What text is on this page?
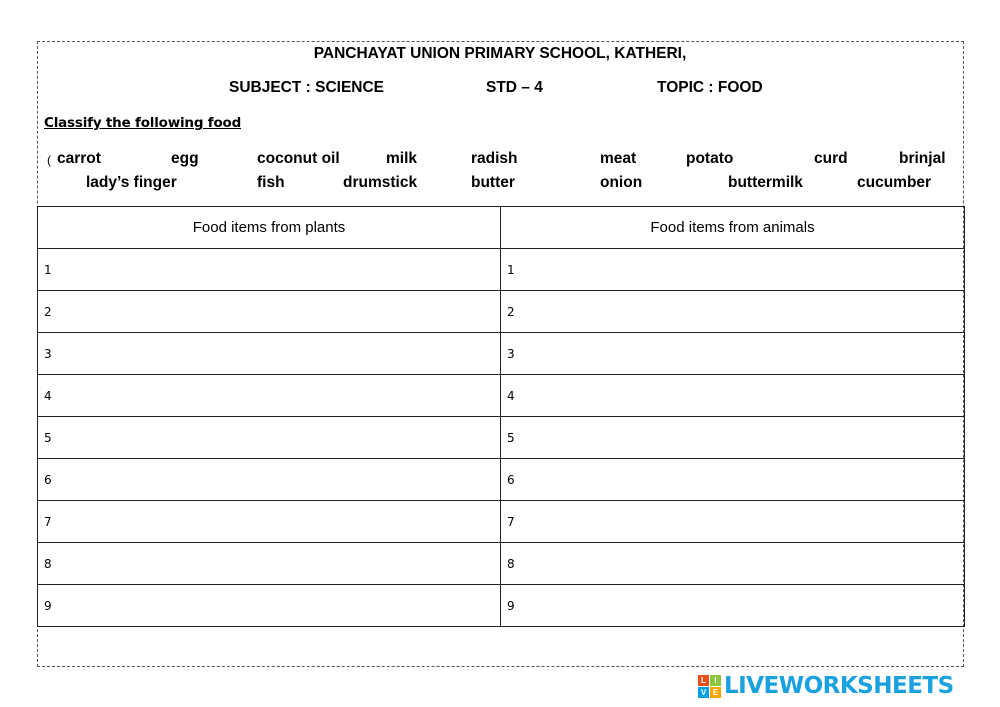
PANCHAYAT UNION PRIMARY SCHOOL, KATHERI,
SUBJECT : SCIENCE	STD – 4	TOPIC : FOOD
Classify the following food
( carrot	egg	coconut oil	milk	radish	meat	potato	curd	brinjal
lady’s finger	fish	drumstick	butter	onion	buttermilk	cucumber
Food items from plants	Food items from animals
1	1
2	2
3	3
4	4
5	5
6	6
7	7
8	8
9	9
L	I
V E LIVEWORKSHEETS
